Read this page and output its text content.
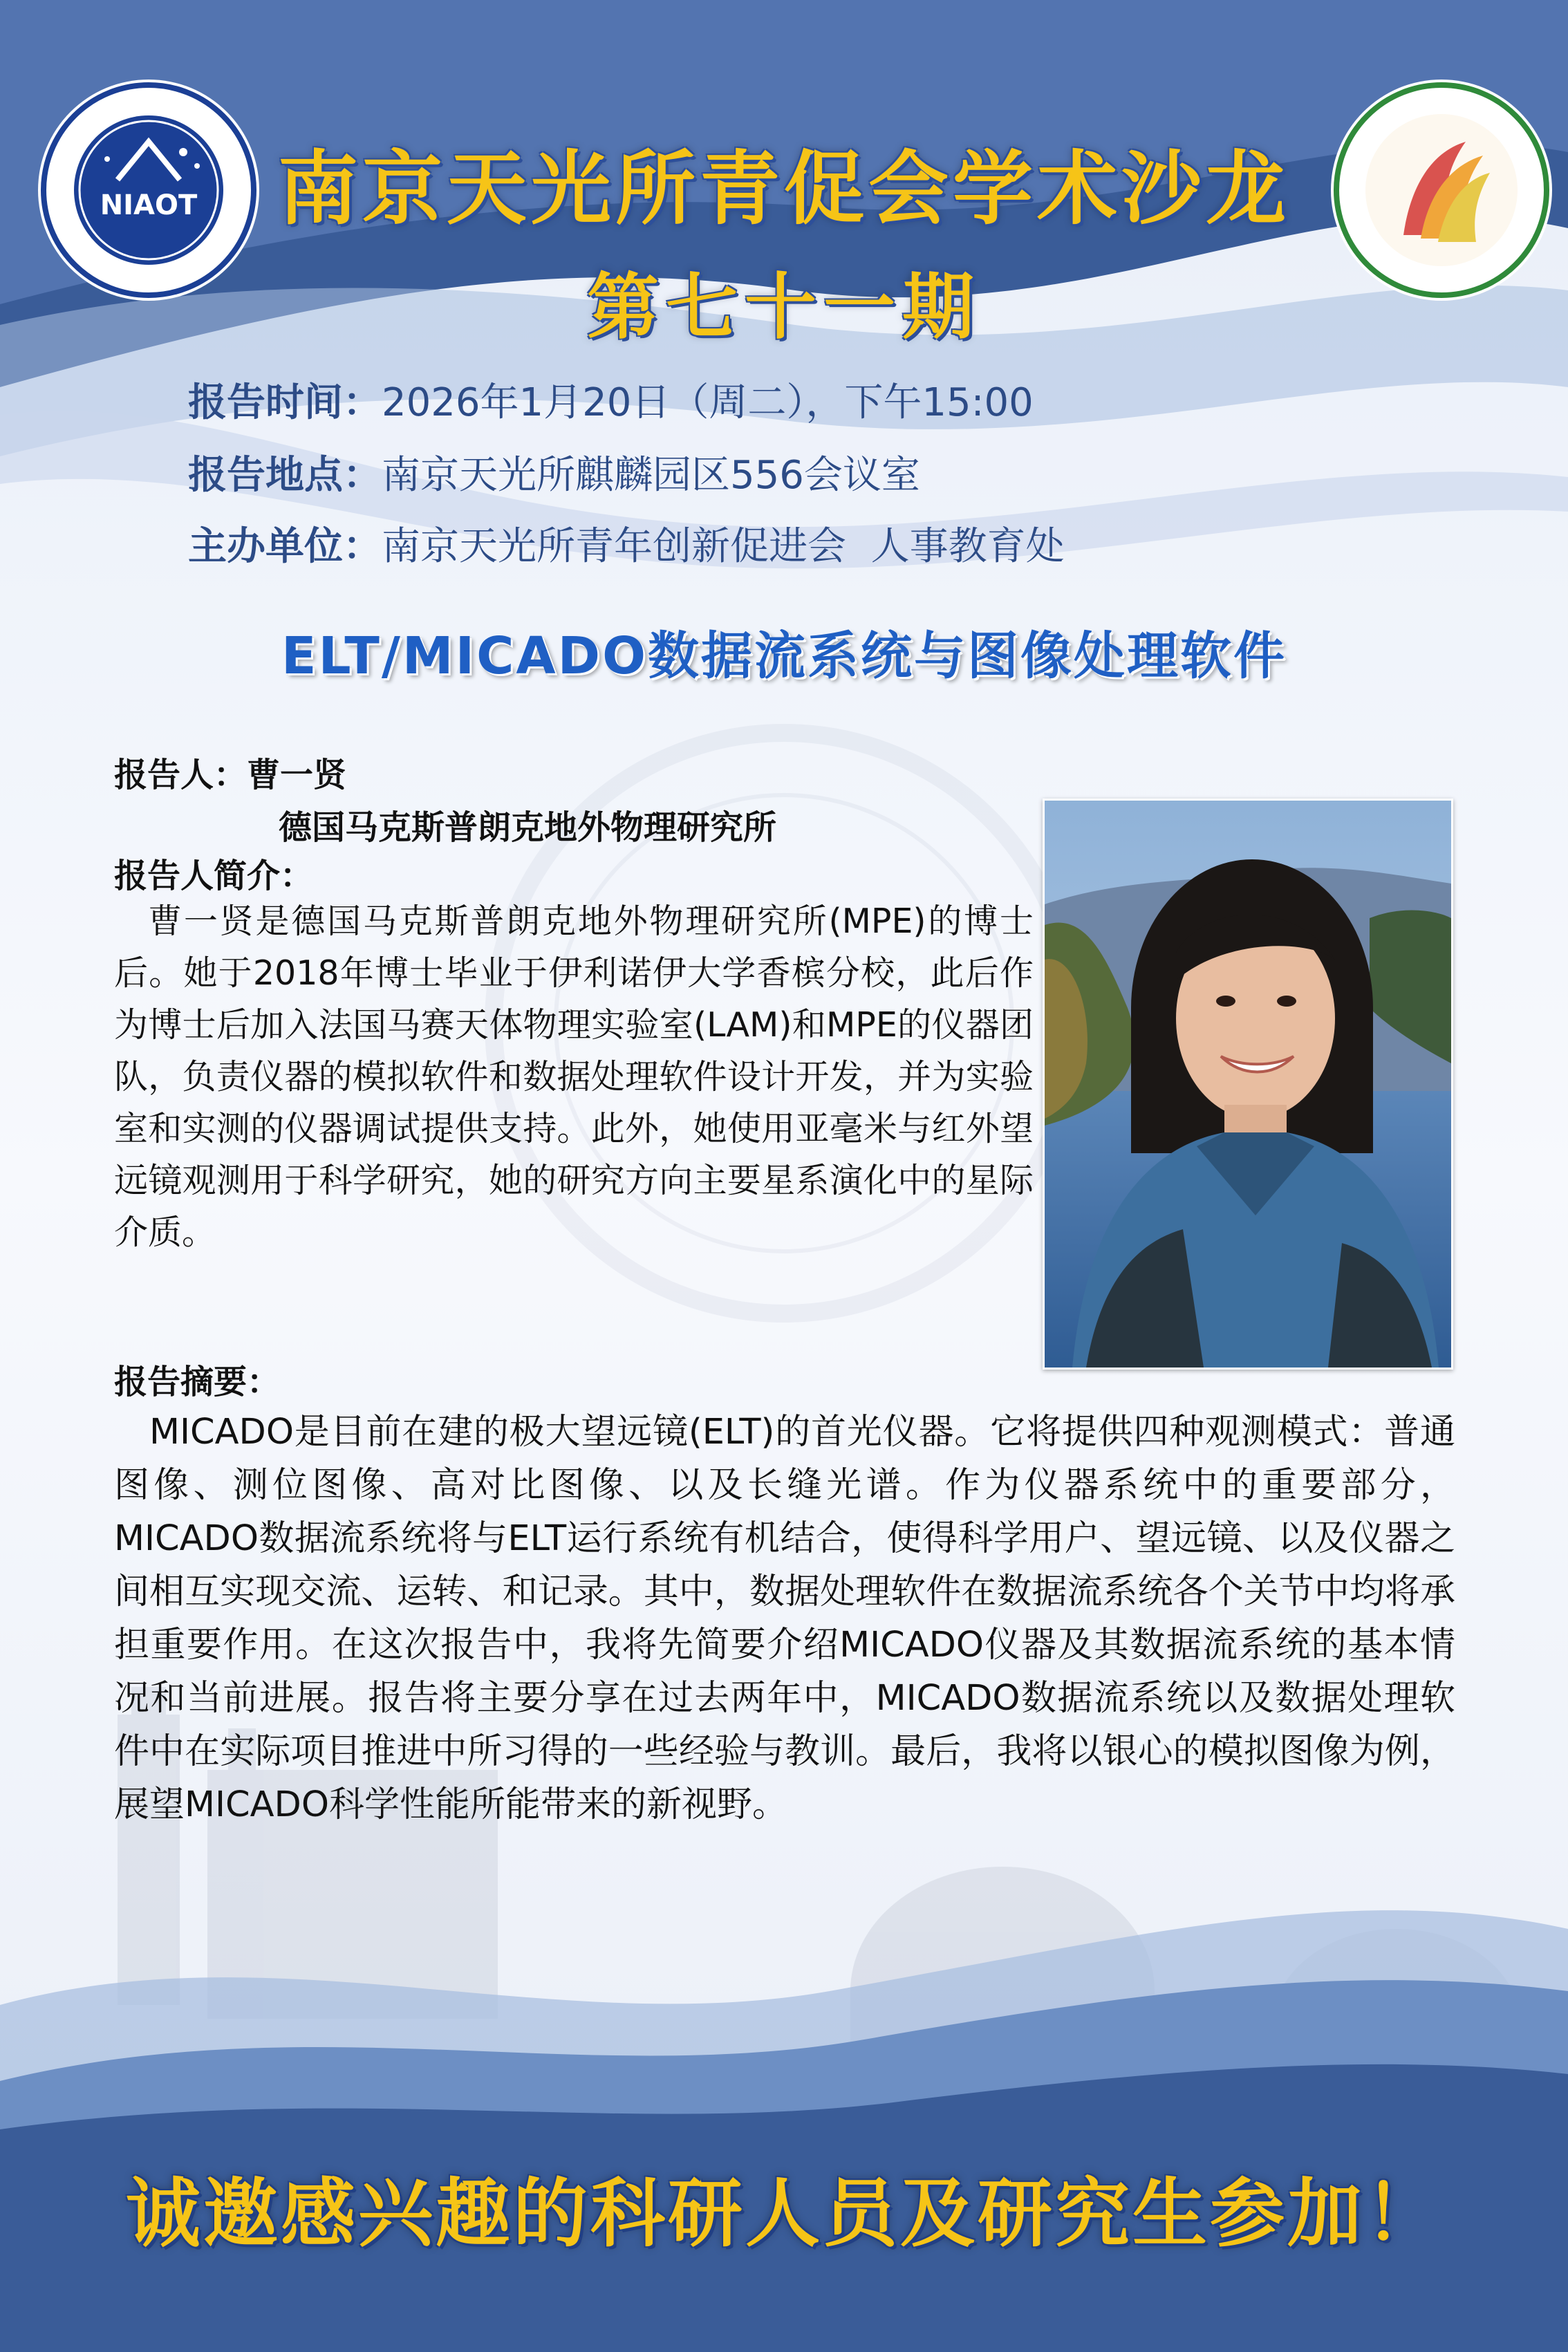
NIAOT	南京天光所青促会学术沙龙
第七十一期
报告时间：2026年1月20日（周二），下午15:00
报告地点：南京天光所麒麟园区556会议室
主办单位：南京天光所青年创新促进会  人事教育处
ELT/MICADO数据流系统与图像处理软件
报告人：曹一贤
德国马克斯普朗克地外物理研究所
报告人简介：
曹一贤是德国马克斯普朗克地外物理研究所(MPE)的博士后。她于2018年博士毕业于伊利诺伊大学香槟分校，此后作为博士后加入法国马赛天体物理实验室(LAM)和MPE的仪器团队，负责仪器的模拟软件和数据处理软件设计开发，并为实验室和实测的仪器调试提供支持。此外，她使用亚毫米与红外望远镜观测用于科学研究，她的研究方向主要星系演化中的星际介质。
报告摘要：
MICADO是目前在建的极大望远镜(ELT)的首光仪器。它将提供四种观测模式：普通图像、测位图像、高对比图像、以及长缝光谱。作为仪器系统中的重要部分，MICADO数据流系统将与ELT运行系统有机结合，使得科学用户、望远镜、以及仪器之间相互实现交流、运转、和记录。其中，数据处理软件在数据流系统各个关节中均将承担重要作用。在这次报告中，我将先简要介绍MICADO仪器及其数据流系统的基本情况和当前进展。报告将主要分享在过去两年中，MICADO数据流系统以及数据处理软件中在实际项目推进中所习得的一些经验与教训。最后，我将以银心的模拟图像为例，展望MICADO科学性能所能带来的新视野。
诚邀感兴趣的科研人员及研究生参加！
